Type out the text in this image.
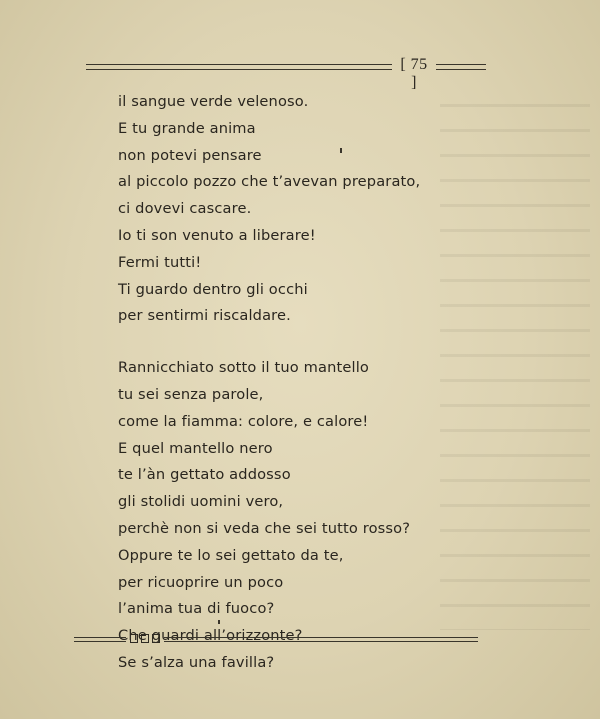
[ 75 ]
il sangue verde velenoso.
E tu grande anima
non potevi pensare
al piccolo pozzo che t’avevan preparato,
ci dovevi cascare.
Io ti son venuto a liberare!
Fermi tutti!
Ti guardo dentro gli occhi
per sentirmi riscaldare.
Rannicchiato sotto il tuo mantello
tu sei senza parole,
come la fiamma: colore, e calore!
E quel mantello nero
te l’àn gettato addosso
gli stolidi uomini vero,
perchè non si veda che sei tutto rosso?
Oppure te lo sei gettato da te,
per ricuoprire un poco
l’anima tua di fuoco?
Che guardi all’orizzonte?
Se s’alza una favilla?
